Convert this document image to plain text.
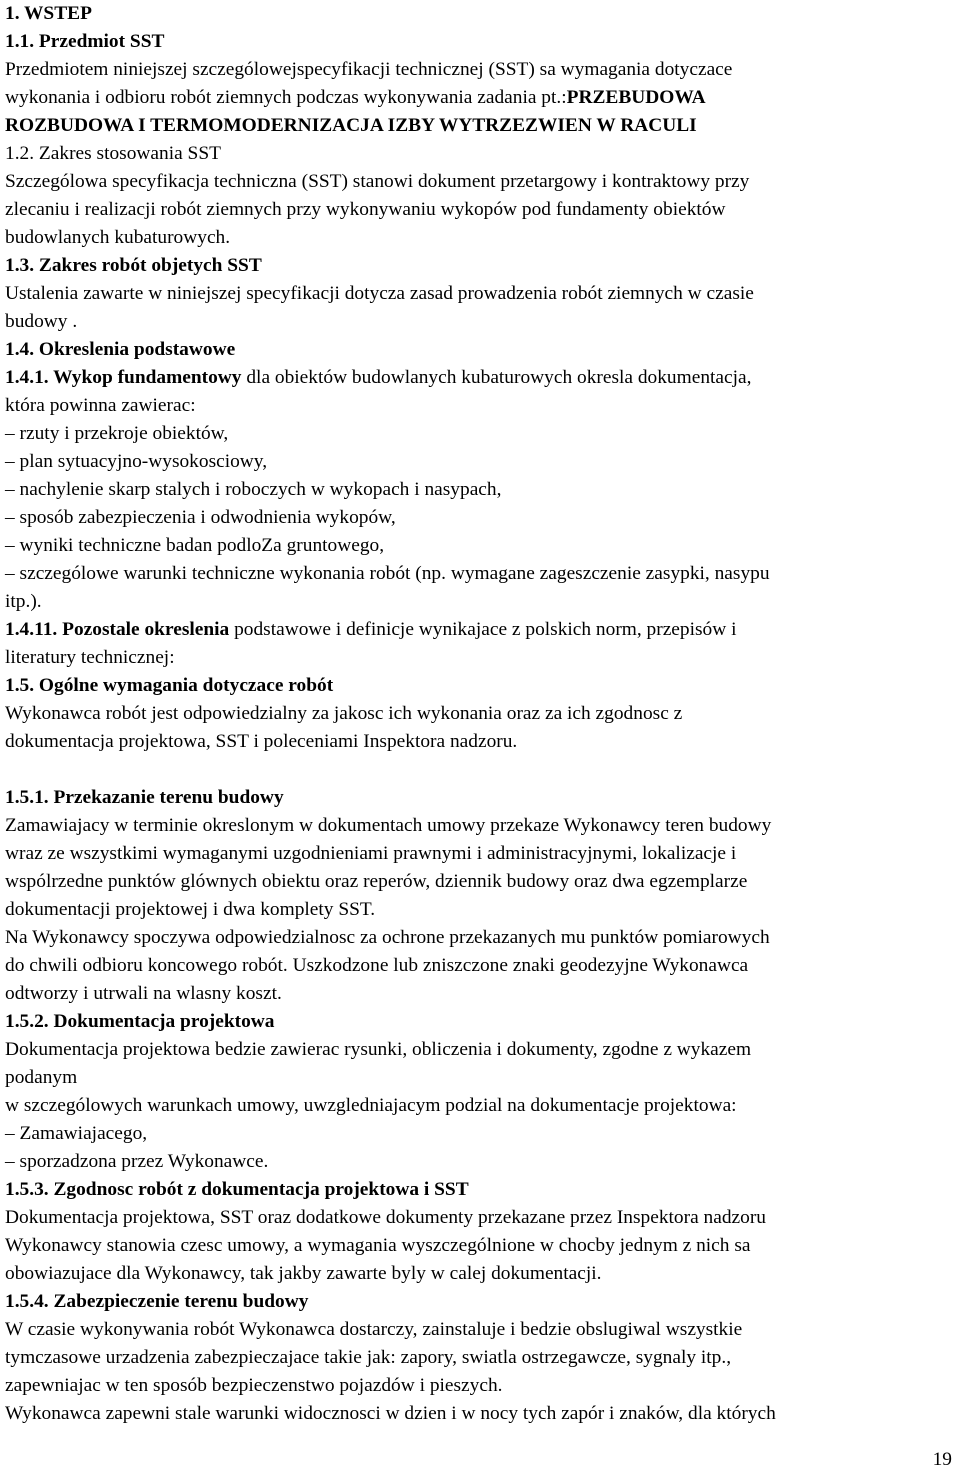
1. WSTEP
1.1. Przedmiot SST
Przedmiotem niniejszej szczególowejspecyfikacji technicznej (SST) sa wymagania dotyczace
wykonania i odbioru robót ziemnych podczas wykonywania zadania pt.:PRZEBUDOWA
ROZBUDOWA I TERMOMODERNIZACJA IZBY WYTRZEZWIEN W RACULI
1.2. Zakres stosowania SST
Szczególowa specyfikacja techniczna (SST) stanowi dokument przetargowy i kontraktowy przy
zlecaniu i realizacji robót ziemnych przy wykonywaniu wykopów pod fundamenty obiektów
budowlanych kubaturowych.
1.3. Zakres robót objetych SST
Ustalenia zawarte w niniejszej specyfikacji dotycza zasad prowadzenia robót ziemnych w czasie
budowy .
1.4. Okreslenia podstawowe
1.4.1. Wykop fundamentowy dla obiektów budowlanych kubaturowych okresla dokumentacja,
która powinna zawierac:
– rzuty i przekroje obiektów,
– plan sytuacyjno-wysokosciowy,
– nachylenie skarp stalych i roboczych w wykopach i nasypach,
– sposób zabezpieczenia i odwodnienia wykopów,
– wyniki techniczne badan podloZa gruntowego,
– szczególowe warunki techniczne wykonania robót (np. wymagane zageszczenie zasypki, nasypu
itp.).
1.4.11. Pozostale okreslenia podstawowe i definicje wynikajace z polskich norm, przepisów i
literatury technicznej:
1.5. Ogólne wymagania dotyczace robót
Wykonawca robót jest odpowiedzialny za jakosc ich wykonania oraz za ich zgodnosc z
dokumentacja projektowa, SST i poleceniami Inspektora nadzoru.
1.5.1. Przekazanie terenu budowy
Zamawiajacy w terminie okreslonym w dokumentach umowy przekaze Wykonawcy teren budowy
wraz ze wszystkimi wymaganymi uzgodnieniami prawnymi i administracyjnymi, lokalizacje i
wspólrzedne punktów glównych obiektu oraz reperów, dziennik budowy oraz dwa egzemplarze
dokumentacji projektowej i dwa komplety SST.
Na Wykonawcy spoczywa odpowiedzialnosc za ochrone przekazanych mu punktów pomiarowych
do chwili odbioru koncowego robót. Uszkodzone lub zniszczone znaki geodezyjne Wykonawca
odtworzy i utrwali na wlasny koszt.
1.5.2. Dokumentacja projektowa
Dokumentacja projektowa bedzie zawierac rysunki, obliczenia i dokumenty, zgodne z wykazem
podanym
w szczególowych warunkach umowy, uwzgledniajacym podzial na dokumentacje projektowa:
– Zamawiajacego,
– sporzadzona przez Wykonawce.
1.5.3. Zgodnosc robót z dokumentacja projektowa i SST
Dokumentacja projektowa, SST oraz dodatkowe dokumenty przekazane przez Inspektora nadzoru
Wykonawcy stanowia czesc umowy, a wymagania wyszczególnione w chocby jednym z nich sa
obowiazujace dla Wykonawcy, tak jakby zawarte byly w calej dokumentacji.
1.5.4. Zabezpieczenie terenu budowy
W czasie wykonywania robót Wykonawca dostarczy, zainstaluje i bedzie obslugiwal wszystkie
tymczasowe urzadzenia zabezpieczajace takie jak: zapory, swiatla ostrzegawcze, sygnaly itp.,
zapewniajac w ten sposób bezpieczenstwo pojazdów i pieszych.
Wykonawca zapewni stale warunki widocznosci w dzien i w nocy tych zapór i znaków, dla których
19
